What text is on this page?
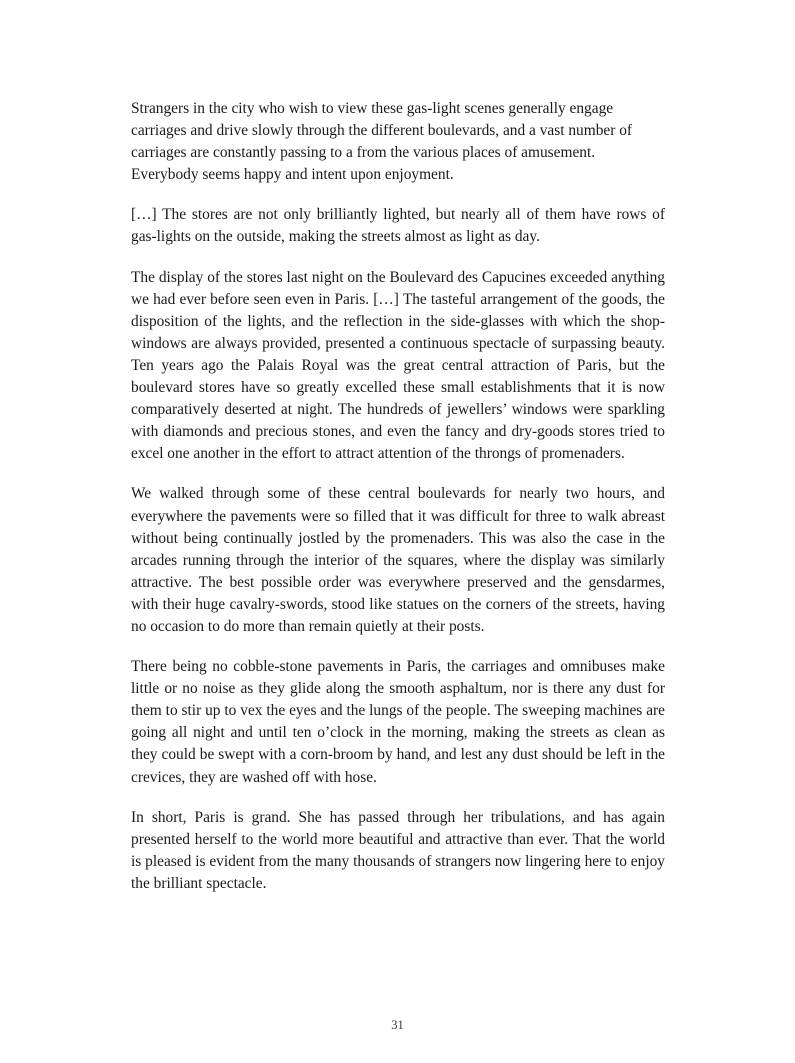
Strangers in the city who wish to view these gas-light scenes generally engage carriages and drive slowly through the different boulevards, and a vast number of carriages are constantly passing to a from the various places of amusement. Everybody seems happy and intent upon enjoyment.

[…] The stores are not only brilliantly lighted, but nearly all of them have rows of gas-lights on the outside, making the streets almost as light as day.

The display of the stores last night on the Boulevard des Capucines exceeded anything we had ever before seen even in Paris. […] The tasteful arrangement of the goods, the disposition of the lights, and the reflection in the side-glasses with which the shop-windows are always provided, presented a continuous spectacle of surpassing beauty. Ten years ago the Palais Royal was the great central attraction of Paris, but the boulevard stores have so greatly excelled these small establishments that it is now comparatively deserted at night. The hundreds of jewellers’ windows were sparkling with diamonds and precious stones, and even the fancy and dry-goods stores tried to excel one another in the effort to attract attention of the throngs of promenaders.

We walked through some of these central boulevards for nearly two hours, and everywhere the pavements were so filled that it was difficult for three to walk abreast without being continually jostled by the promenaders. This was also the case in the arcades running through the interior of the squares, where the display was similarly attractive. The best possible order was everywhere preserved and the gensdarmes, with their huge cavalry-swords, stood like statues on the corners of the streets, having no occasion to do more than remain quietly at their posts.

There being no cobble-stone pavements in Paris, the carriages and omnibuses make little or no noise as they glide along the smooth asphaltum, nor is there any dust for them to stir up to vex the eyes and the lungs of the people. The sweeping machines are going all night and until ten o’clock in the morning, making the streets as clean as they could be swept with a corn-broom by hand, and lest any dust should be left in the crevices, they are washed off with hose.

In short, Paris is grand. She has passed through her tribulations, and has again presented herself to the world more beautiful and attractive than ever. That the world is pleased is evident from the many thousands of strangers now lingering here to enjoy the brilliant spectacle.

31
